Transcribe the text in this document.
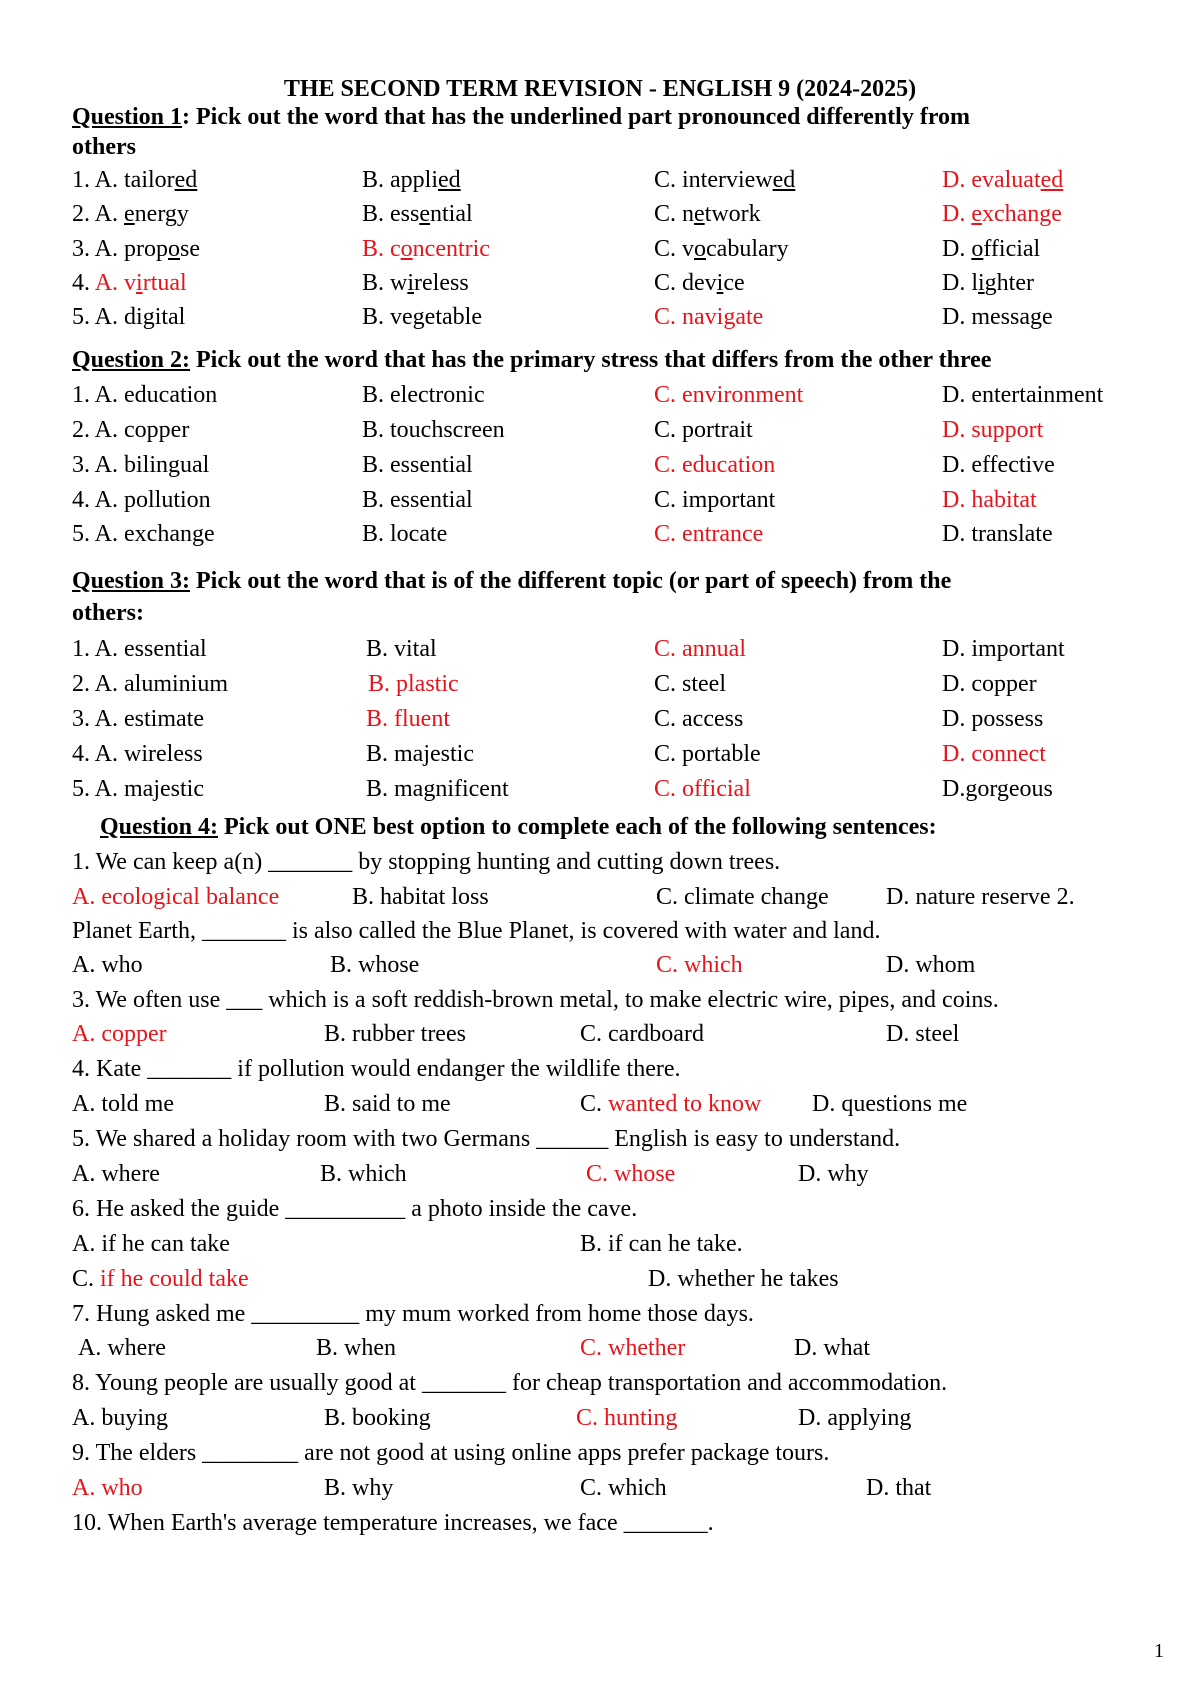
THE SECOND TERM REVISION - ENGLISH 9 (2024-2025)
Question 1: Pick out the word that has the underlined part pronounced differently from
others
1. A. tailored	B. applied	C. interviewed	D. evaluated
2. A. energy	B. essential	C. network	D. exchange
3. A. propose	B. concentric	C. vocabulary	D. official
4. A. virtual	B. wireless	C. device	D. lighter
5. A. digital	B. vegetable	C. navigate	D. message
Question 2: Pick out the word that has the primary stress that differs from the other three
1. A. education	B. electronic	C. environment	D. entertainment
2. A. copper	B. touchscreen	C. portrait	D. support
3. A. bilingual	B. essential	C. education	D. effective
4. A. pollution	B. essential	C. important	D. habitat
5. A. exchange	B. locate	C. entrance	D. translate
Question 3: Pick out the word that is of the different topic (or part of speech) from the
others:
1. A. essential	B. vital	C. annual	D. important
2. A. aluminium	B. plastic	C. steel	D. copper
3. A. estimate	B. fluent	C. access	D. possess
4. A. wireless	B. majestic	C. portable	D. connect
5. A. majestic	B. magnificent	C. official	D.gorgeous
Question 4: Pick out ONE best option to complete each of the following sentences:
1. We can keep a(n) _______ by stopping hunting and cutting down trees.
A. ecological balance	B. habitat loss	C. climate change D. nature reserve 2.
Planet Earth, _______ is also called the Blue Planet, is covered with water and land.
A. who	B. whose	C. which	D. whom
3. We often use ___ which is a soft reddish-brown metal, to make electric wire, pipes, and coins.
A. copper	B. rubber trees	C. cardboard	D. steel
4. Kate _______ if pollution would endanger the wildlife there.
A. told me	B. said to me	C. wanted to know D. questions me
5. We shared a holiday room with two Germans ______ English is easy to understand.
A. where	B. which	C. whose	D. why
6. He asked the guide __________ a photo inside the cave.
A. if he can take	B. if can he take.
C. if he could take	D. whether he takes
7. Hung asked me _________ my mum worked from home those days.
A. where	B. when	C. whether	D. what
8. Young people are usually good at _______ for cheap transportation and accommodation.
A. buying	B. booking	C. hunting	D. applying
9. The elders ________ are not good at using online apps prefer package tours.
A. who	B. why	C. which	D. that
10. When Earth's average temperature increases, we face _______.
1
